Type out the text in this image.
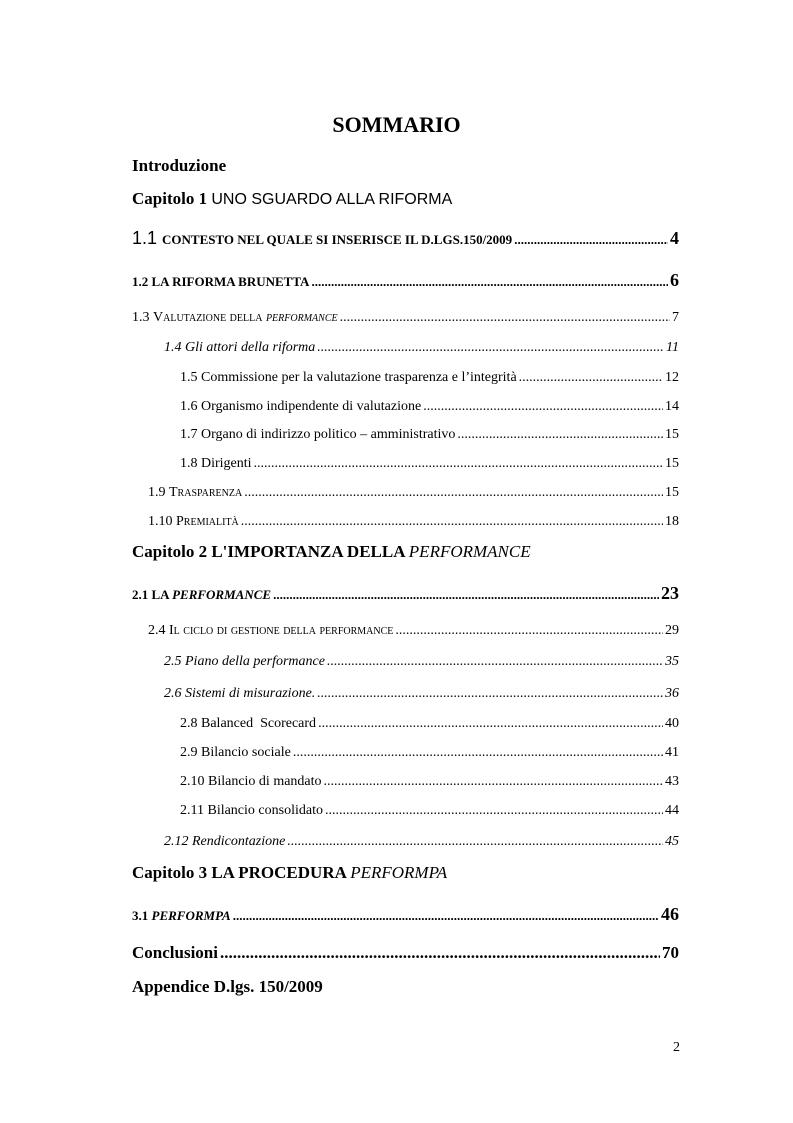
SOMMARIO
Introduzione
Capitolo 1 UNO SGUARDO ALLA RIFORMA
1.1 CONTESTO NEL QUALE SI INSERISCE IL D.LGS.150/2009 .....	4
1.2 LA RIFORMA BRUNETTA .....	6
1.3 Valutazione della performance .....	7
1.4 Gli attori della riforma .....	11
1.5 Commissione per la valutazione trasparenza e l’integrità .....	12
1.6 Organismo indipendente di valutazione .....	14
1.7 Organo di indirizzo politico – amministrativo .....	15
1.8 Dirigenti .....	15
1.9 Trasparenza .....	15
1.10 Premialità .....	18
Capitolo 2 L'IMPORTANZA DELLA PERFORMANCE
2.1 LA PERFORMANCE .....	23
2.4 Il ciclo di gestione della performance .....	29
2.5 Piano della performance .....	35
2.6 Sistemi di misurazione. .....	36
2.8 Balanced  Scorecard .....	40
2.9 Bilancio sociale .....	41
2.10 Bilancio di mandato .....	43
2.11 Bilancio consolidato .....	44
2.12 Rendicontazione .....	45
Capitolo 3 LA PROCEDURA PERFORMPA
3.1 PERFORMPA .....	46
Conclusioni .....	70
Appendice D.lgs. 150/2009
2
